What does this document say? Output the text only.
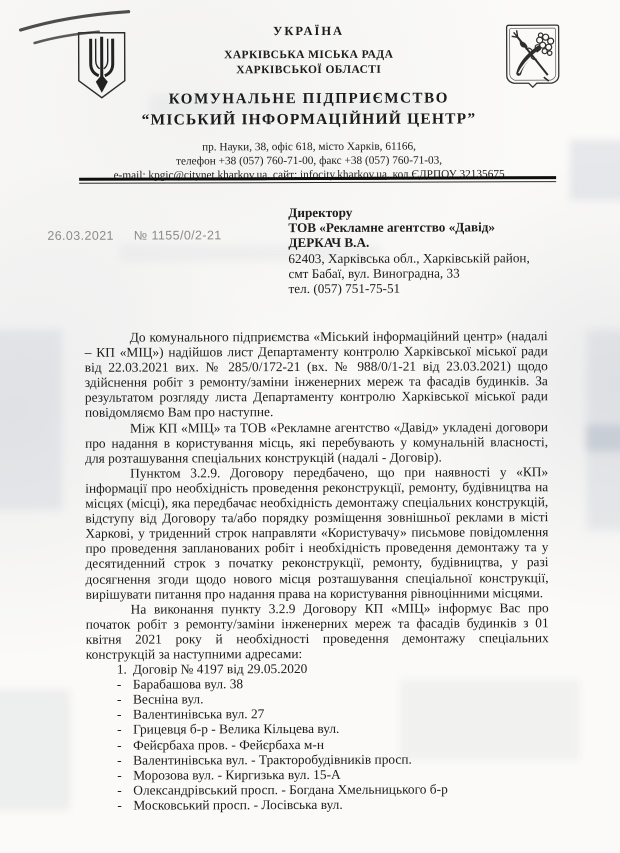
УКРАЇНА
ХАРКІВСЬКА МІСЬКА РАДА
ХАРКІВСЬКОЇ ОБЛАСТІ
КОМУНАЛЬНЕ ПІДПРИЄМСТВО
“МІСЬКИЙ ІНФОРМАЦІЙНИЙ ЦЕНТР”
пр. Науки, 38, офіс 618, місто Харків, 61166,
телефон +38 (057) 760-71-00, факс +38 (057) 760-71-03,
e-mail: kpgic@citynet.kharkov.ua, сайт: infocity.kharkov.ua, код ЄДРПОУ 32135675
26.03.2021 № 1155/0/2-21
Директору
ТОВ «Рекламне агентство «Давід»
ДЕРКАЧ В.А.
62403, Харківська обл., Харківській район,
смт Бабаї, вул. Виноградна, 33
тел. (057) 751-75-51

До комунального підприємства «Міський інформаційний центр» (надалі – КП «МІЦ») надійшов лист Департаменту контролю Харківської міської ради від 22.03.2021 вих. № 285/0/172-21 (вх. № 988/0/1-21 від 23.03.2021) щодо здійснення робіт з ремонту/заміни інженерних мереж та фасадів будинків. За результатом розгляду листа Департаменту контролю Харківської міської ради повідомляємо Вам про наступне.

Між КП «МІЦ» та ТОВ «Рекламне агентство «Давід» укладені договори про надання в користування місць, які перебувають у комунальній власності, для розташування спеціальних конструкцій (надалі - Договір).

Пунктом 3.2.9. Договору передбачено, що при наявності у «КП» інформації про необхідність проведення реконструкції, ремонту, будівництва на місцях (місці), яка передбачає необхідність демонтажу спеціальних конструкцій, відступу від Договору та/або порядку розміщення зовнішньої реклами в місті Харкові, у триденний строк направляти «Користувачу» письмове повідомлення про проведення запланованих робіт і необхідність проведення демонтажу та у десятиденний строк з початку реконструкції, ремонту, будівництва, у разі досягнення згоди щодо нового місця розташування спеціальної конструкції, вирішувати питання про надання права на користування рівноцінними місцями.

На виконання пункту 3.2.9 Договору КП «МІЦ» інформує Вас про початок робіт з ремонту/заміни інженерних мереж та фасадів будинків з 01 квітня 2021 року й необхідності проведення демонтажу спеціальних конструкцій за наступними адресами:

1. Договір № 4197 від 29.05.2020
- Барабашова вул. 38
- Весніна вул.
- Валентинівська вул. 27
- Грицевця б-р - Велика Кільцева вул.
- Фейєрбаха пров. - Фейєрбаха м-н
- Валентинівська вул. - Тракторобудівників просп.
- Морозова вул. - Киргизька вул. 15-А
- Олександрівський просп. - Богдана Хмельницького б-р
- Московський просп. - Лосівська вул.
